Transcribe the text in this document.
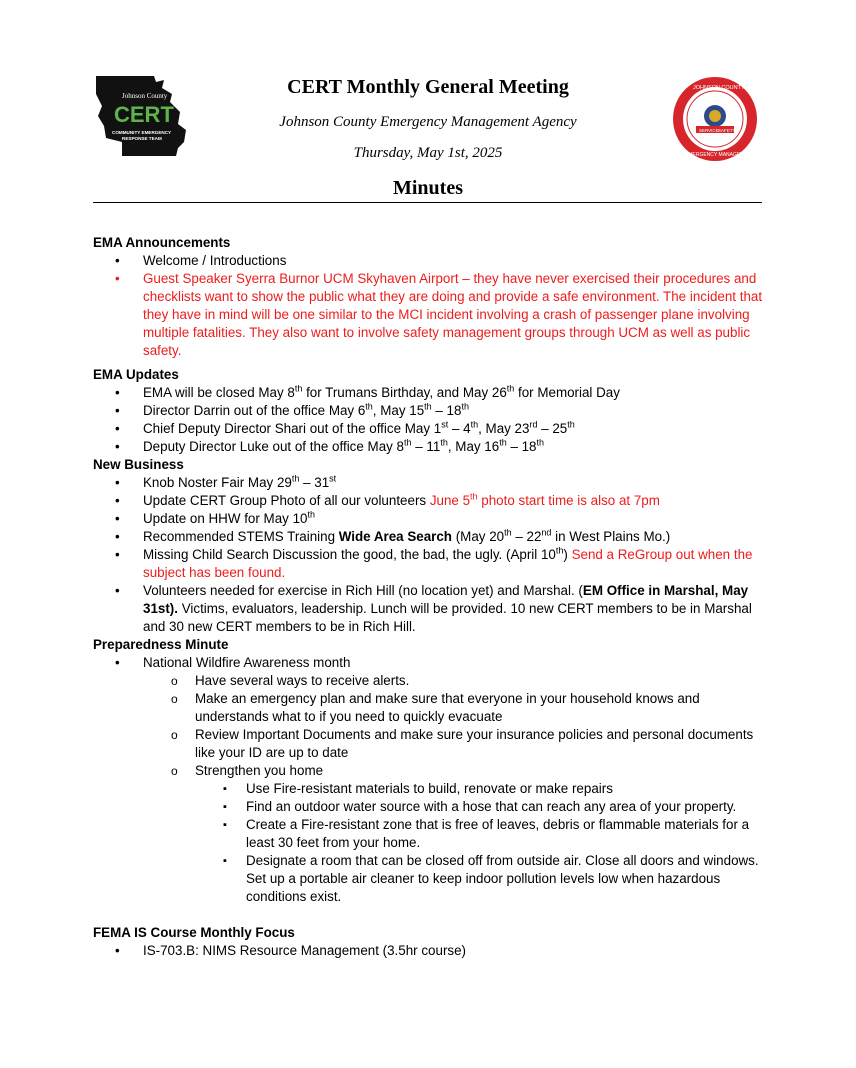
Johnson County
CERT
COMMUNITY EMERGENCY
RESPONSE TEAM
CERT Monthly General Meeting
Johnson County Emergency Management Agency
Thursday, May 1st, 2025
Minutes
SERVICE SAFETY
JOHNSON COUNTY
EMERGENCY MANAGEMENT

EMA Announcements

• Welcome / Introductions
• Guest Speaker Syerra Burnor UCM Skyhaven Airport – they have never exercised their procedures and checklists want to show the public what they are doing and provide a safe environment. The incident that they have in mind will be one similar to the MCI incident involving a crash of passenger plane involving multiple fatalities. They also want to involve safety management groups through UCM as well as public safety.

EMA Updates

• EMA will be closed May 8th for Trumans Birthday, and May 26th for Memorial Day
• Director Darrin out of the office May 6th, May 15th – 18th
• Chief Deputy Director Shari out of the office May 1st – 4th, May 23rd – 25th
• Deputy Director Luke out of the office May 8th – 11th, May 16th – 18th

New Business

• Knob Noster Fair May 29th – 31st
• Update CERT Group Photo of all our volunteers June 5th photo start time is also at 7pm
• Update on HHW for May 10th
• Recommended STEMS Training Wide Area Search (May 20th – 22nd in West Plains Mo.)
• Missing Child Search Discussion the good, the bad, the ugly. (April 10th) Send a ReGroup out when the subject has been found.
• Volunteers needed for exercise in Rich Hill (no location yet) and Marshal. (EM Office in Marshal, May 31st). Victims, evaluators, leadership. Lunch will be provided. 10 new CERT members to be in Marshal and 30 new CERT members to be in Rich Hill.

Preparedness Minute

• National Wildfire Awareness month
o Have several ways to receive alerts.
o Make an emergency plan and make sure that everyone in your household knows and understands what to if you need to quickly evacuate
o Review Important Documents and make sure your insurance policies and personal documents like your ID are up to date
o Strengthen you home
▪ Use Fire-resistant materials to build, renovate or make repairs
▪ Find an outdoor water source with a hose that can reach any area of your property.
▪ Create a Fire-resistant zone that is free of leaves, debris or flammable materials for a least 30 feet from your home.
▪ Designate a room that can be closed off from outside air. Close all doors and windows. Set up a portable air cleaner to keep indoor pollution levels low when hazardous conditions exist.

FEMA IS Course Monthly Focus

• IS-703.B: NIMS Resource Management (3.5hr course)
